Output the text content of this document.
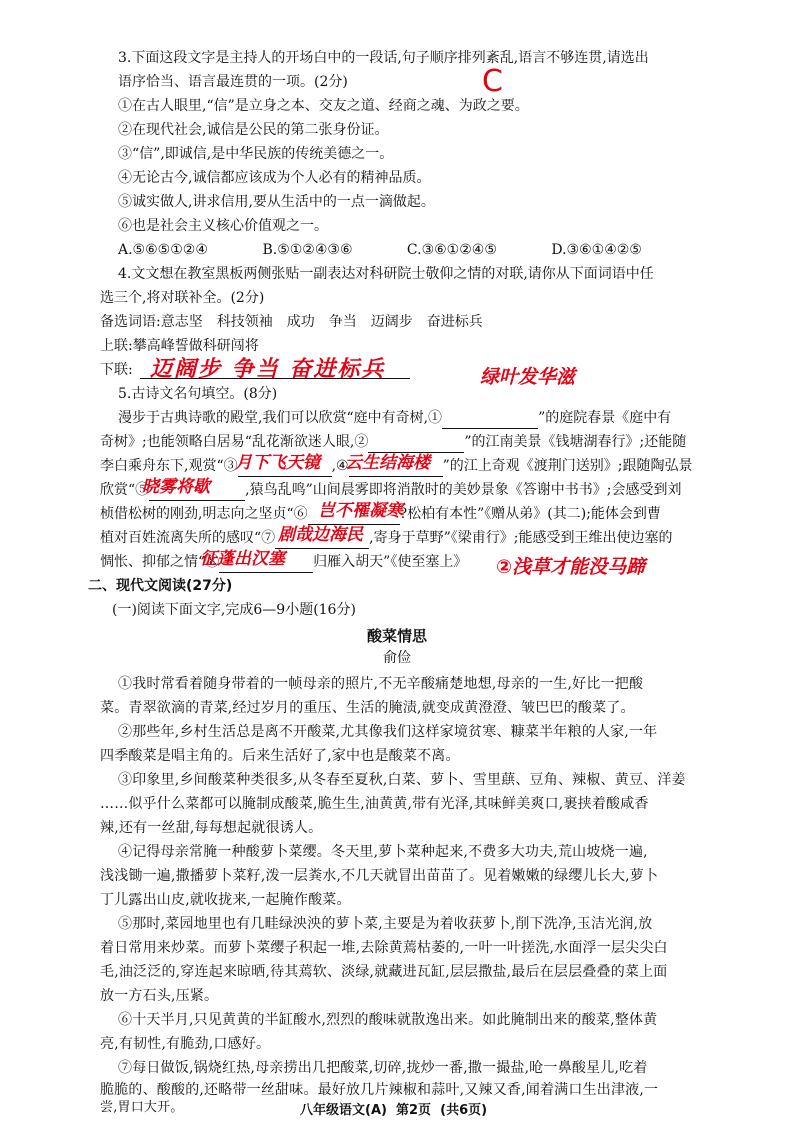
3.下面这段文字是主持人的开场白中的一段话,句子顺序排列紊乱,语言不够连贯,请选出
语序恰当、语言最连贯的一项。(2分)	C
①在古人眼里,“信”是立身之本、交友之道、经商之魂、为政之要。
②在现代社会,诚信是公民的第二张身份证。
③“信”,即诚信,是中华民族的传统美德之一。
④无论古今,诚信都应该成为个人必有的精神品质。
⑤诚实做人,讲求信用,要从生活中的一点一滴做起。
⑥也是社会主义核心价值观之一。
A.⑤⑥⑤①②④	B.⑤①②④③⑥	C.③⑥①②④⑤	D.③⑥①④②⑤
4.文文想在教室黑板两侧张贴一副表达对科研院士敬仰之情的对联,请你从下面词语中任
选三个,将对联补全。(2分)
备选词语:意志坚　科技领袖　成功　争当　迈阔步　奋进标兵
上联:攀高峰誓做科研闯将
下联: 迈阔步 争当 奋进标兵
5.古诗文名句填空。(8分)
绿叶发华滋
漫步于古典诗歌的殿堂,我们可以欣赏“庭中有奇树,①	”的庭院春景《庭中有
奇树》;也能领略白居易“乱花渐欲迷人眼,②	”的江南美景《钱塘湖春行》;还能随
李白乘舟东下,观赏“③	,④	”的江上奇观《渡荆门送别》;跟随陶弘景
月下飞天镜 云生结海楼
欣赏“⑤	,猿鸟乱鸣”山间晨雾即将消散时的美妙景象《答谢中书书》;会感受到刘
晓雾将歇
桢借松树的刚劲,明志向之坚贞“⑥	?松柏有本性”《赠从弟》(其二);能体会到曹
岂不罹凝寒
植对百姓流离失所的感叹“⑦	,寄身于草野”《梁甫行》;能感受到王维出使边塞的
剧哉边海民
惆怅、抑郁之情“⑧	归雁入胡天”《使至塞上》
征蓬出汉塞	②浅草才能没马蹄
二、现代文阅读(27分)
(一)阅读下面文字,完成6—9小题(16分)
酸菜情思
俞俭
①我时常看着随身带着的一帧母亲的照片,不无辛酸痛楚地想,母亲的一生,好比一把酸
菜。青翠欲滴的青菜,经过岁月的重压、生活的腌渍,就变成黄澄澄、皱巴巴的酸菜了。
②那些年,乡村生活总是离不开酸菜,尤其像我们这样家境贫寒、糠菜半年粮的人家,一年
四季酸菜是唱主角的。后来生活好了,家中也是酸菜不离。
③印象里,乡间酸菜种类很多,从冬春至夏秋,白菜、萝卜、雪里蕻、豆角、辣椒、黄豆、洋姜
……似乎什么菜都可以腌制成酸菜,脆生生,油黄黄,带有光泽,其味鲜美爽口,裹挟着酸咸香
辣,还有一丝甜,每每想起就很诱人。
④记得母亲常腌一种酸萝卜菜缨。冬天里,萝卜菜种起来,不费多大功夫,荒山坡烧一遍,
浅浅锄一遍,撒播萝卜菜籽,泼一层粪水,不几天就冒出苗苗了。见着嫩嫩的绿缨儿长大,萝卜
丁儿露出山皮,就收拢来,一起腌作酸菜。
⑤那时,菜园地里也有几畦绿泱泱的萝卜菜,主要是为着收获萝卜,削下洗净,玉洁光润,放
着日常用来炒菜。而萝卜菜缨子积起一堆,去除黄蔫枯萎的,一叶一叶搓洗,水面浮一层尖尖白
毛,油泛泛的,穿连起来晾晒,待其蔫软、淡绿,就藏进瓦缸,层层撒盐,最后在层层叠叠的菜上面
放一方石头,压紧。
⑥十天半月,只见黄黄的半缸酸水,烈烈的酸味就散逸出来。如此腌制出来的酸菜,整体黄
亮,有韧性,有脆劲,口感好。
⑦每日做饭,锅烧红热,母亲捞出几把酸菜,切碎,拢炒一番,撒一撮盐,呛一鼻酸星儿,吃着
脆脆的、酸酸的,还略带一丝甜味。最好放几片辣椒和蒜叶,又辣又香,闻着满口生出津液,一
尝,胃口大开。	八年级语文(A) 第2页 (共6页)
